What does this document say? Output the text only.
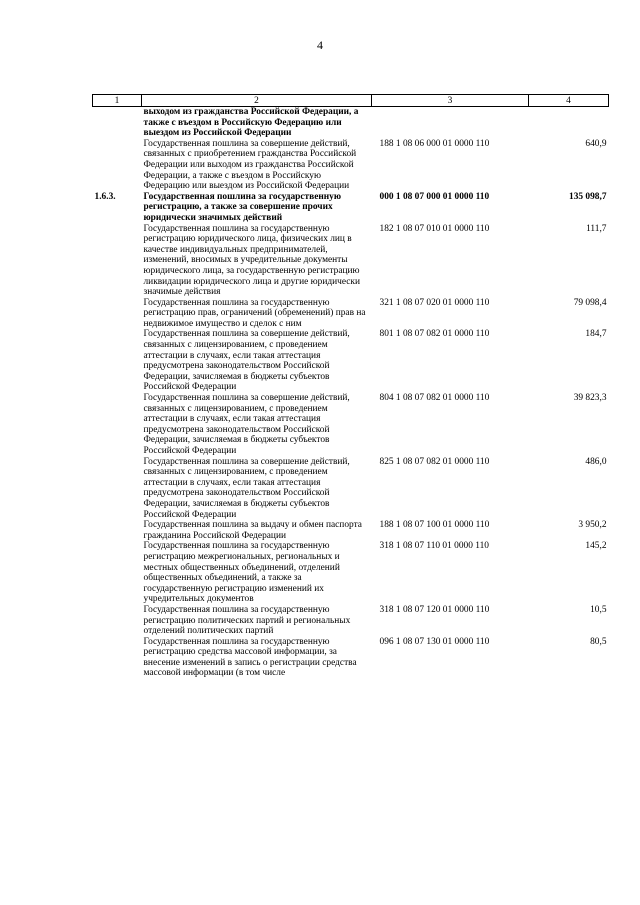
4
1	2	3	4
	выходом из гражданства Российской Федерации, а также с въездом в Российскую Федерацию или выездом из Российской Федерации		
	Государственная пошлина за совершение действий, связанных с приобретением гражданства Российской Федерации или выходом из гражданства Российской Федерации, а также с въездом в Российскую Федерацию или выездом из Российской Федерации	188 1 08 06 000 01 0000 110	640,9
1.6.3.	Государственная пошлина за государственную регистрацию, а также за совершение прочих юридически значимых действий	000 1 08 07 000 01 0000 110	135 098,7
	Государственная пошлина за государственную регистрацию юридического лица, физических лиц в качестве индивидуальных предпринимателей, изменений, вносимых в учредительные документы юридического лица, за государственную регистрацию ликвидации юридического лица и другие юридически значимые действия	182 1 08 07 010 01 0000 110	111,7
	Государственная пошлина за государственную регистрацию прав, ограничений (обременений) прав на недвижимое имущество и сделок с ним	321 1 08 07 020 01 0000 110	79 098,4
	Государственная пошлина за совершение действий, связанных с лицензированием, с проведением аттестации в случаях, если такая аттестация предусмотрена законодательством Российской Федерации, зачисляемая в бюджеты субъектов Российской Федерации	801 1 08 07 082 01 0000 110	184,7
	Государственная пошлина за совершение действий, связанных с лицензированием, с проведением аттестации в случаях, если такая аттестация предусмотрена законодательством Российской Федерации, зачисляемая в бюджеты субъектов Российской Федерации	804 1 08 07 082 01 0000 110	39 823,3
	Государственная пошлина за совершение действий, связанных с лицензированием, с проведением аттестации в случаях, если такая аттестация предусмотрена законодательством Российской Федерации, зачисляемая в бюджеты субъектов Российской Федерации	825 1 08 07 082 01 0000 110	486,0
	Государственная пошлина за выдачу и обмен паспорта гражданина Российской Федерации	188 1 08 07 100 01 0000 110	3 950,2
	Государственная пошлина за государственную регистрацию межрегиональных, региональных и местных общественных объединений, отделений общественных объединений, а также за государственную регистрацию изменений их учредительных документов	318 1 08 07 110 01 0000 110	145,2
	Государственная пошлина за государственную регистрацию политических партий и региональных отделений политических партий	318 1 08 07 120 01 0000 110	10,5
	Государственная пошлина за государственную регистрацию средства массовой информации, за внесение изменений в запись о регистрации средства массовой информации (в том числе	096 1 08 07 130 01 0000 110	80,5
